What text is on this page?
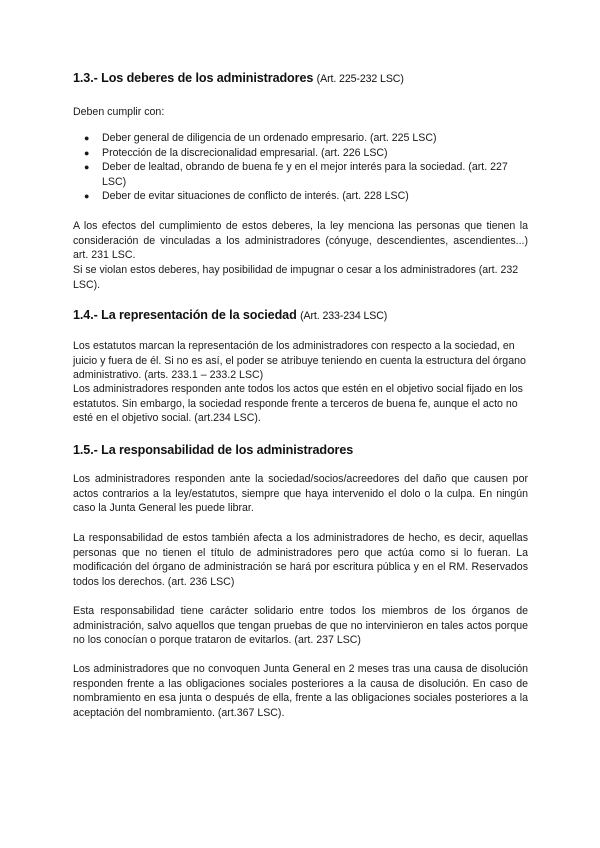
1.3.- Los deberes de los administradores (Art. 225-232 LSC)

Deben cumplir con:

● Deber general de diligencia de un ordenado empresario. (art. 225 LSC)
● Protección de la discrecionalidad empresarial. (art. 226 LSC)
● Deber de lealtad, obrando de buena fe y en el mejor interés para la sociedad. (art. 227 LSC)
● Deber de evitar situaciones de conflicto de interés. (art. 228 LSC)

A los efectos del cumplimiento de estos deberes, la ley menciona las personas que tienen la consideración de vinculadas a los administradores (cónyuge, descendientes, ascendientes...) art. 231 LSC.

Si se violan estos deberes, hay posibilidad de impugnar o cesar a los administradores (art. 232 LSC).

1.4.- La representación de la sociedad (Art. 233-234 LSC)

Los estatutos marcan la representación de los administradores con respecto a la sociedad, en juicio y fuera de él. Si no es así, el poder se atribuye teniendo en cuenta la estructura del órgano administrativo. (arts. 233.1 – 233.2 LSC)

Los administradores responden ante todos los actos que estén en el objetivo social fijado en los estatutos. Sin embargo, la sociedad responde frente a terceros de buena fe, aunque el acto no esté en el objetivo social. (art.234 LSC).

1.5.- La responsabilidad de los administradores

Los administradores responden ante la sociedad/socios/acreedores del daño que causen por actos contrarios a la ley/estatutos, siempre que haya intervenido el dolo o la culpa. En ningún caso la Junta General les puede librar.

La responsabilidad de estos también afecta a los administradores de hecho, es decir, aquellas personas que no tienen el título de administradores pero que actúa como si lo fueran. La modificación del órgano de administración se hará por escritura pública y en el RM. Reservados todos los derechos. (art. 236 LSC)

Esta responsabilidad tiene carácter solidario entre todos los miembros de los órganos de administración, salvo aquellos que tengan pruebas de que no intervinieron en tales actos porque no los conocían o porque trataron de evitarlos. (art. 237 LSC)

Los administradores que no convoquen Junta General en 2 meses tras una causa de disolución responden frente a las obligaciones sociales posteriores a la causa de disolución. En caso de nombramiento en esa junta o después de ella, frente a las obligaciones sociales posteriores a la aceptación del nombramiento. (art.367 LSC).
